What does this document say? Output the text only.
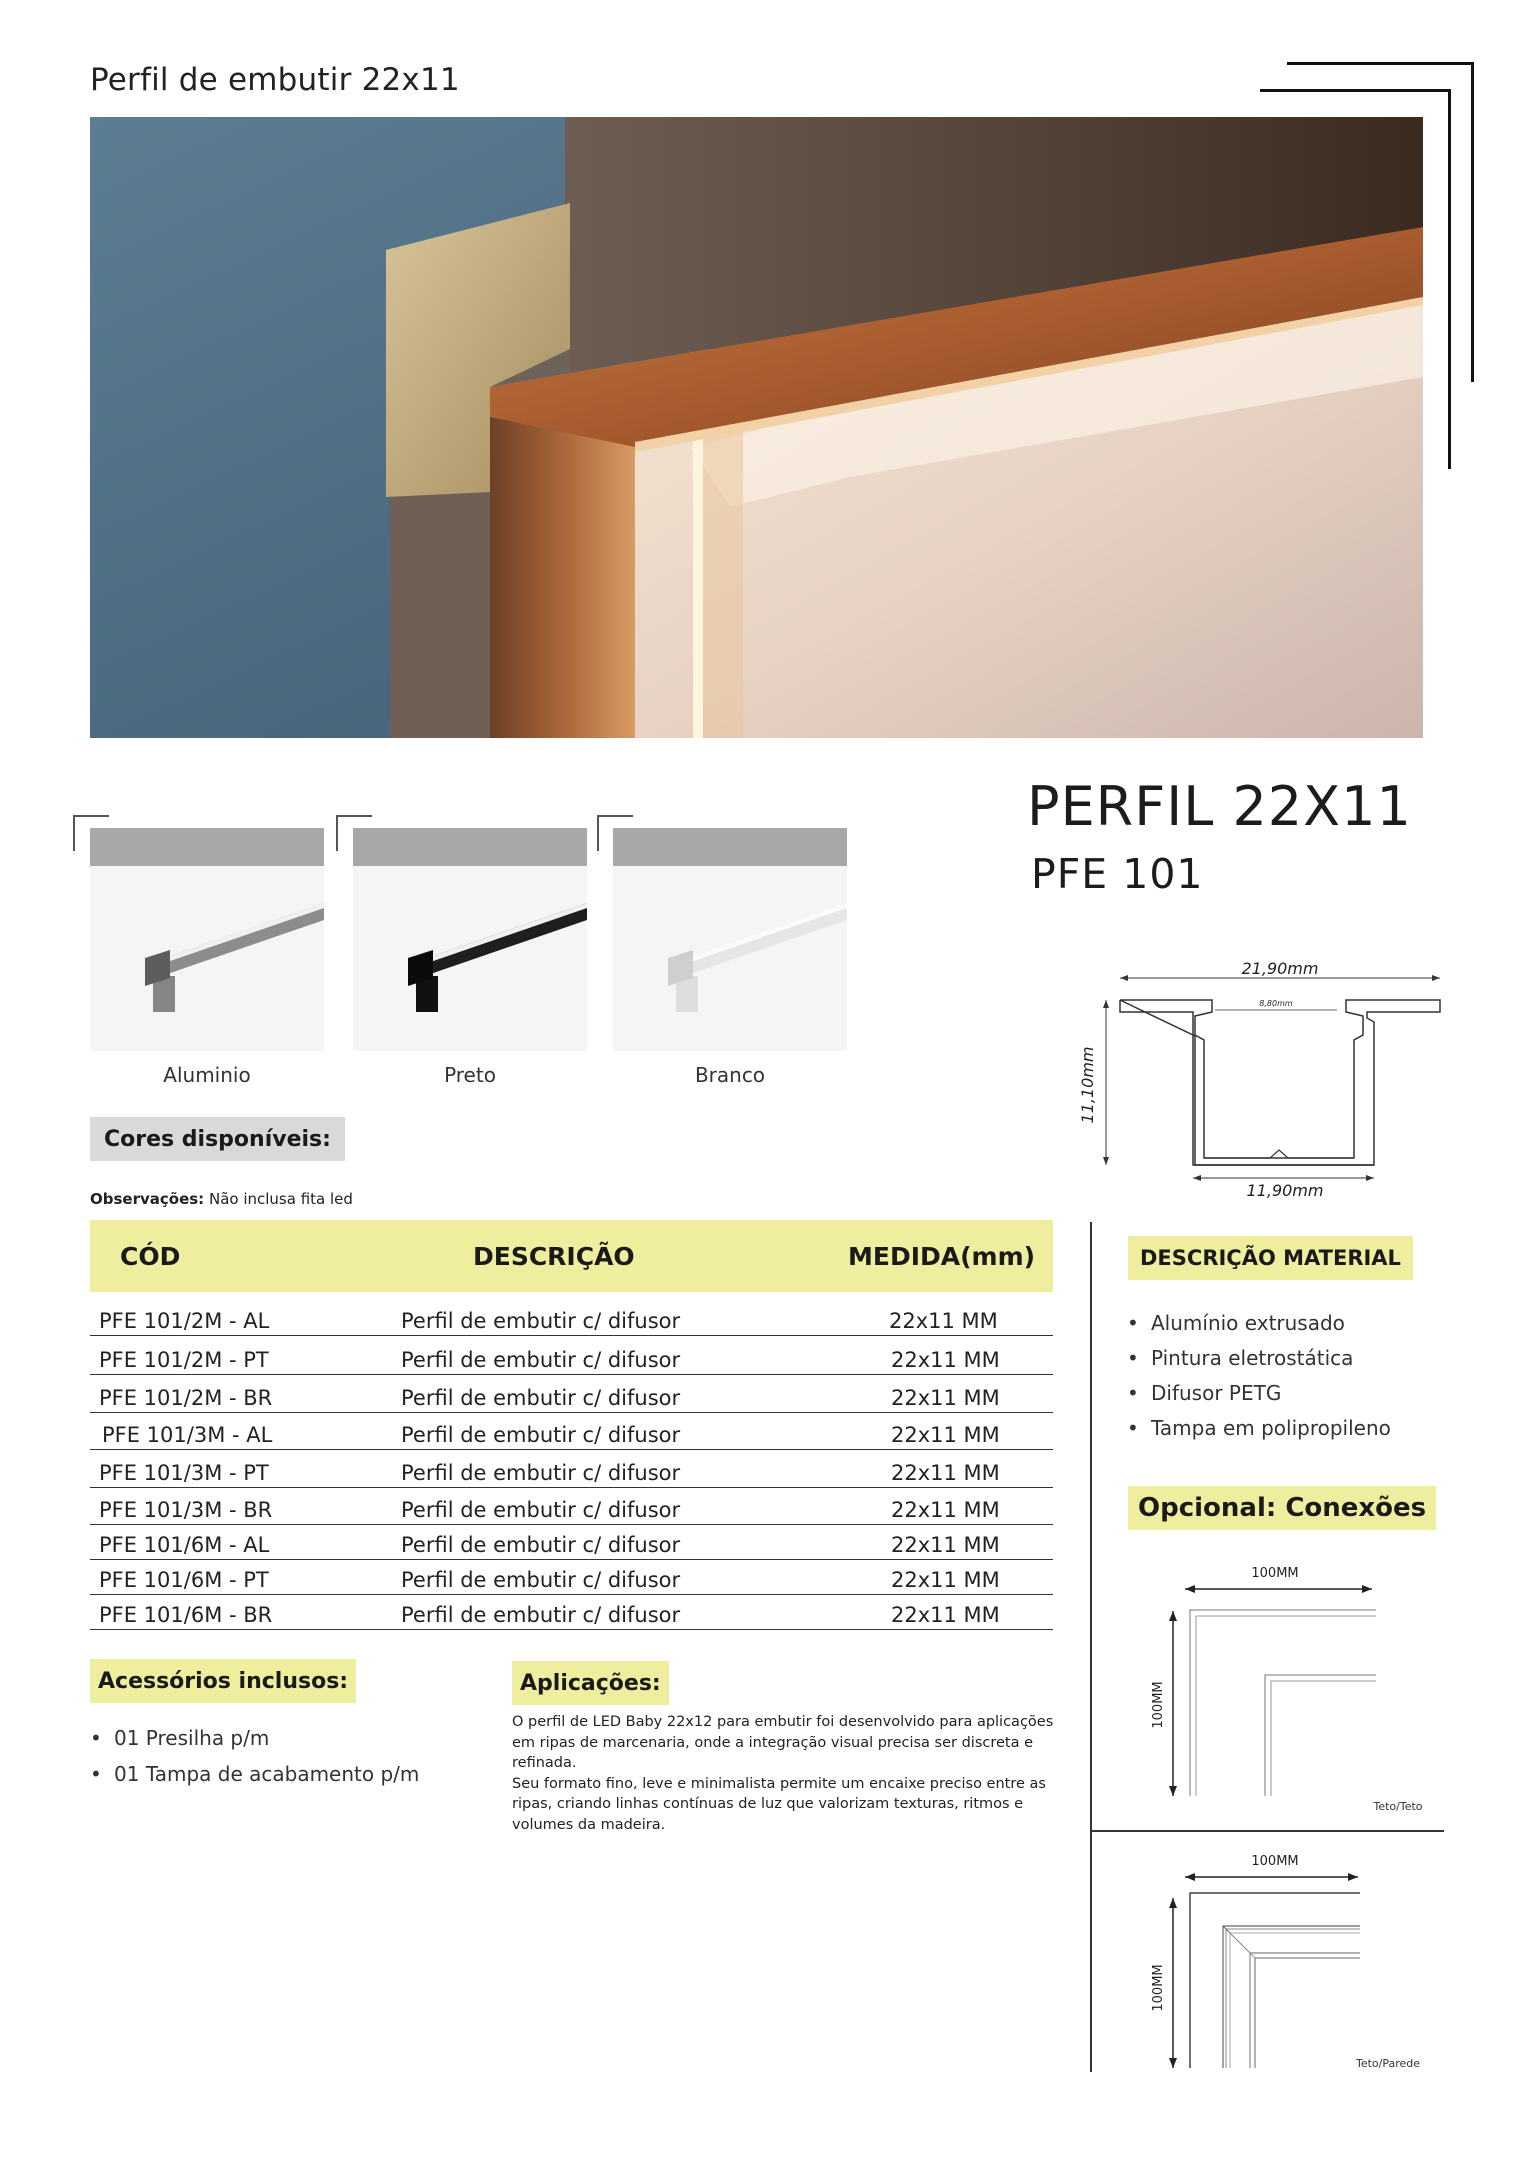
Perfil de embutir 22x11
PERFIL 22X11
PFE 101
Aluminio	Preto	Branco
21,90mm
8,80mm
11,10mm
11,90mm
Cores disponíveis:
Observações: Não inclusa fita led
CÓD	DESCRIÇÃO	MEDIDA(mm)
PFE 101/2M - AL	Perfil de embutir c/ difusor	22x11 MM
PFE 101/2M - PT	Perfil de embutir c/ difusor	22x11 MM
PFE 101/2M - BR	Perfil de embutir c/ difusor	22x11 MM
PFE 101/3M - AL	Perfil de embutir c/ difusor	22x11 MM
PFE 101/3M - PT	Perfil de embutir c/ difusor	22x11 MM
PFE 101/3M - BR	Perfil de embutir c/ difusor	22x11 MM
PFE 101/6M - AL	Perfil de embutir c/ difusor	22x11 MM
PFE 101/6M - PT	Perfil de embutir c/ difusor	22x11 MM
PFE 101/6M - BR	Perfil de embutir c/ difusor	22x11 MM
DESCRIÇÃO MATERIAL
• Alumínio extrusado
• Pintura eletrostática
• Difusor PETG
• Tampa em polipropileno
Opcional: Conexões
100MM
100MM
Teto/Teto
100MM
100MM
Teto/Parede
Acessórios inclusos:
• 01 Presilha p/m
• 01 Tampa de acabamento p/m
Aplicações:

O perfil de LED Baby 22x12 para embutir foi desenvolvido para aplicações em ripas de marcenaria, onde a integração visual precisa ser discreta e refinada.

Seu formato fino, leve e minimalista permite um encaixe preciso entre as ripas, criando linhas contínuas de luz que valorizam texturas, ritmos e volumes da madeira.
